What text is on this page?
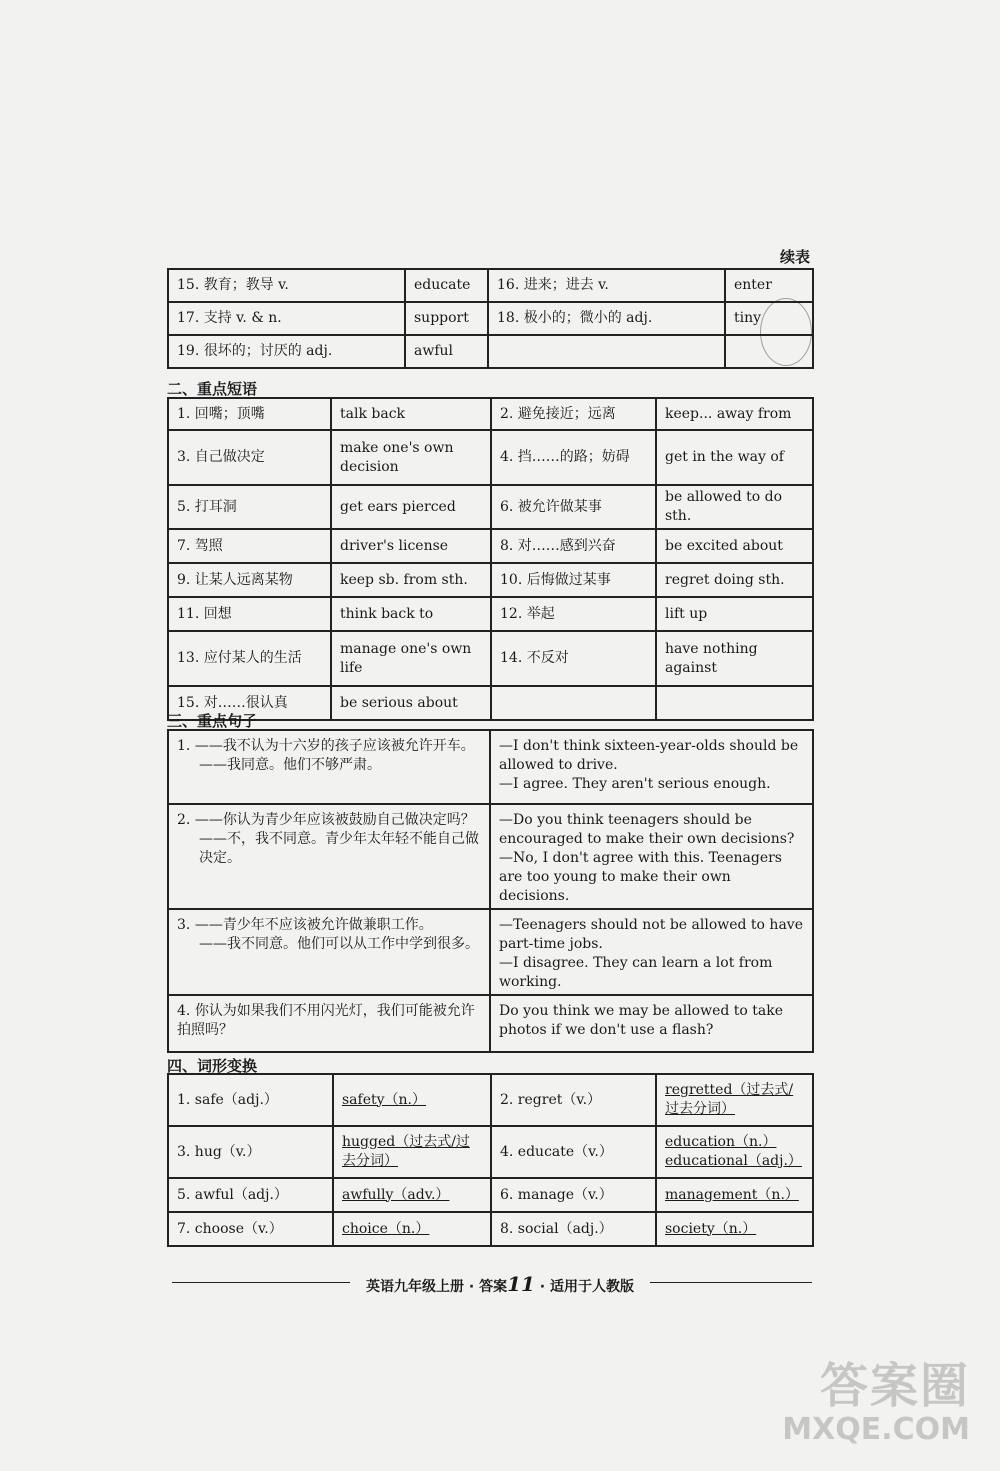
续表
15. 教育；教导 v.	educate	16. 进来；进去 v.	enter
17. 支持 v. & n.	support	18. 极小的；微小的 adj.	tiny
19. 很坏的；讨厌的 adj.	awful		
二、重点短语
1. 回嘴；顶嘴	talk back	2. 避免接近；远离	keep... away from
3. 自己做决定	make one's own decision	4. 挡……的路；妨碍	get in the way of
5. 打耳洞	get ears pierced	6. 被允许做某事	be allowed to do sth.
7. 驾照	driver's license	8. 对……感到兴奋	be excited about
9. 让某人远离某物	keep sb. from sth.	10. 后悔做过某事	regret doing sth.
11. 回想	think back to	12. 举起	lift up
13. 应付某人的生活	manage one's own life	14. 不反对	have nothing against
15. 对……很认真	be serious about		
三、重点句子
1. ——我不认为十六岁的孩子应该被允许开车。
——我同意。他们不够严肃。	—I don't think sixteen-year-olds should be allowed to drive.
—I agree. They aren't serious enough.

2. ——你认为青少年应该被鼓励自己做决定吗？
——不，我不同意。青少年太年轻不能自己做决定。	—Do you think teenagers should be encouraged to make their own decisions?
—No, I don't agree with this. Teenagers are too young to make their own decisions.

3. ——青少年不应该被允许做兼职工作。
——我不同意。他们可以从工作中学到很多。	—Teenagers should not be allowed to have part-time jobs.
—I disagree. They can learn a lot from working.

4. 你认为如果我们不用闪光灯，我们可能被允许拍照吗？	Do you think we may be allowed to take photos if we don't use a flash?
四、词形变换
1. safe（adj.）	safety（n.）	2. regret（v.）	regretted（过去式/过去分词）

3. hug（v.）	hugged（过去式/过去分词）	4. educate（v.）	education（n.）
educational（adj.）

5. awful（adj.）	awfully（adv.）	6. manage（v.）	management（n.）

7. choose（v.）	choice（n.）	8. social（adj.）	society（n.）
英语九年级上册 · 答案11 · 适用于人教版
答案圈
MXQE.COM
